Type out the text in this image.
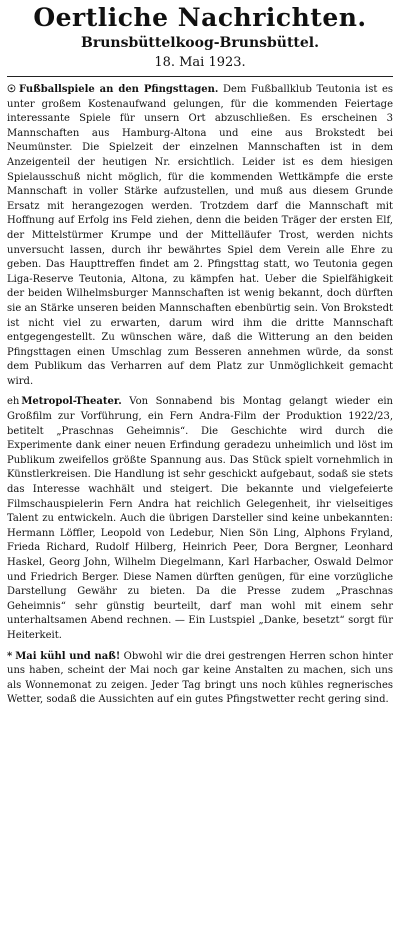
Oertliche Nachrichten.
Brunsbüttelkoog-Brunsbüttel.
18. Mai 1923.

☉ Fußballspiele an den Pfingsttagen. Dem Fußballklub Teutonia ist es unter großem Kostenaufwand gelungen, für die kommenden Feiertage interessante Spiele für unsern Ort abzuschließen. Es erscheinen 3 Mannschaften aus Hamburg-Altona und eine aus Brokstedt bei Neumünster. Die Spielzeit der einzelnen Mannschaften ist in dem Anzeigenteil der heutigen Nr. ersichtlich. Leider ist es dem hiesigen Spielausschuß nicht möglich, für die kommenden Wettkämpfe die erste Mannschaft in voller Stärke aufzustellen, und muß aus diesem Grunde Ersatz mit herangezogen werden. Trotzdem darf die Mannschaft mit Hoffnung auf Erfolg ins Feld ziehen, denn die beiden Träger der ersten Elf, der Mittelstürmer Krumpe und der Mittelläufer Trost, werden nichts unversucht lassen, durch ihr bewährtes Spiel dem Verein alle Ehre zu geben. Das Haupttreffen findet am 2. Pfingsttag statt, wo Teutonia gegen Liga-Reserve Teutonia, Altona, zu kämpfen hat. Ueber die Spielfähigkeit der beiden Wilhelmsburger Mannschaften ist wenig bekannt, doch dürften sie an Stärke unseren beiden Mannschaften ebenbürtig sein. Von Brokstedt ist nicht viel zu erwarten, darum wird ihm die dritte Mannschaft entgegengestellt. Zu wünschen wäre, daß die Witterung an den beiden Pfingsttagen einen Umschlag zum Besseren annehmen würde, da sonst dem Publikum das Verharren auf dem Platz zur Unmöglichkeit gemacht wird.

eh Metropol-Theater. Von Sonnabend bis Montag gelangt wieder ein Großfilm zur Vorführung, ein Fern Andra-Film der Produktion 1922/23, betitelt „Praschnas Geheimnis“. Die Geschichte wird durch die Experimente dank einer neuen Erfindung geradezu unheimlich und löst im Publikum zweifellos größte Spannung aus. Das Stück spielt vornehmlich in Künstlerkreisen. Die Handlung ist sehr geschickt aufgebaut, sodaß sie stets das Interesse wachhält und steigert. Die bekannte und vielgefeierte Filmschauspielerin Fern Andra hat reichlich Gelegenheit, ihr vielseitiges Talent zu entwickeln. Auch die übrigen Darsteller sind keine unbekannten: Hermann Löffler, Leopold von Ledebur, Nien Sön Ling, Alphons Fryland, Frieda Richard, Rudolf Hilberg, Heinrich Peer, Dora Bergner, Leonhard Haskel, Georg John, Wilhelm Diegelmann, Karl Harbacher, Oswald Delmor und Friedrich Berger. Diese Namen dürften genügen, für eine vorzügliche Darstellung Gewähr zu bieten. Da die Presse zudem „Praschnas Geheimnis“ sehr günstig beurteilt, darf man wohl mit einem sehr unterhaltsamen Abend rechnen. — Ein Lustspiel „Danke, besetzt“ sorgt für Heiterkeit.

* Mai kühl und naß! Obwohl wir die drei gestrengen Herren schon hinter uns haben, scheint der Mai noch gar keine Anstalten zu machen, sich uns als Wonnemonat zu zeigen. Jeder Tag bringt uns noch kühles regnerisches Wetter, sodaß die Aussichten auf ein gutes Pfingstwetter recht gering sind.
